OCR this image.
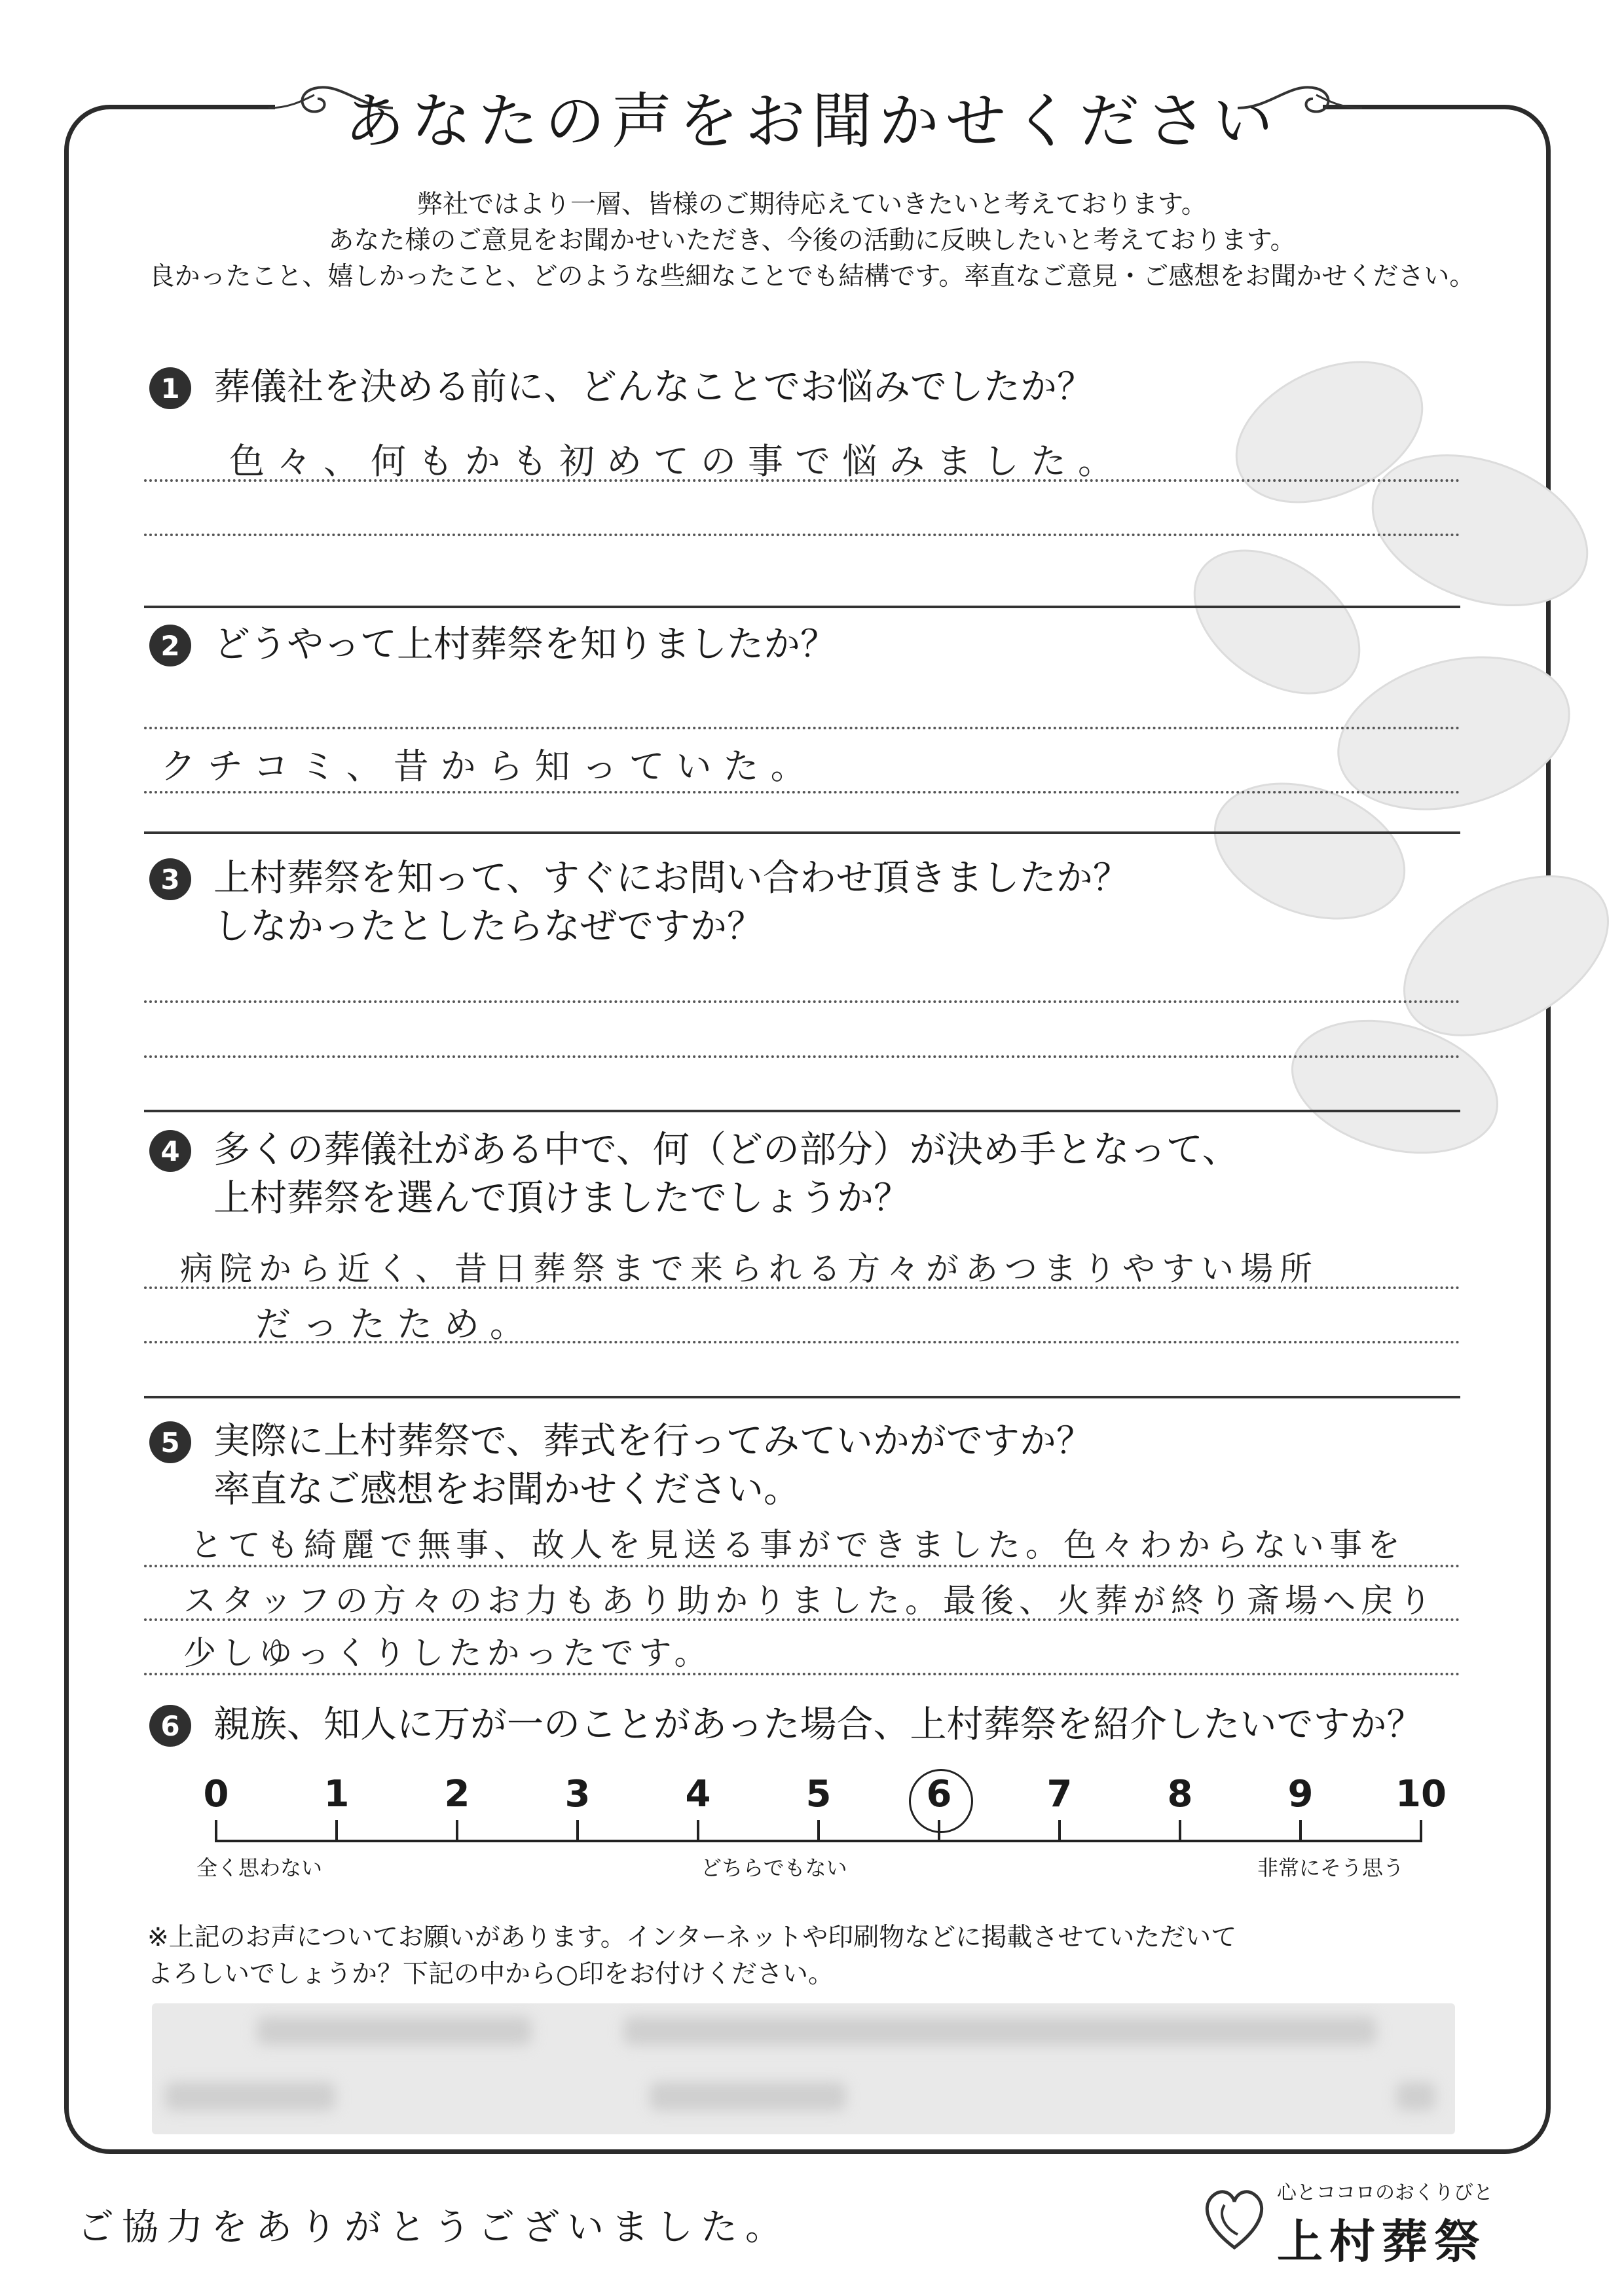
あなたの声をお聞かせください
弊社ではより一層、皆様のご期待応えていきたいと考えております。
あなた様のご意見をお聞かせいただき、今後の活動に反映したいと考えております。
良かったこと、嬉しかったこと、どのような些細なことでも結構です。率直なご意見・ご感想をお聞かせください。
1 葬儀社を決める前に、どんなことでお悩みでしたか？
色々、何もかも初めての事で悩みました。
2 どうやって上村葬祭を知りましたか？
クチコミ、昔から知っていた。
3 上村葬祭を知って、すぐにお問い合わせ頂きましたか？
しなかったとしたらなぜですか？
4 多くの葬儀社がある中で、何（どの部分）が決め手となって、
上村葬祭を選んで頂けましたでしょうか？
病院から近く、昔日葬祭まで来られる方々があつまりやすい場所
だったため。
5 実際に上村葬祭で、葬式を行ってみていかがですか？
率直なご感想をお聞かせください。
とても綺麗で無事、故人を見送る事ができました。色々わからない事を
スタッフの方々のお力もあり助かりました。最後、火葬が終り斎場へ戻り
少しゆっくりしたかったです。
6 親族、知人に万が一のことがあった場合、上村葬祭を紹介したいですか？
全く思わない	どちらでもない	非常にそう思う
0	1	2	3	4	5	6	7	8	9	10
※上記のお声についてお願いがあります。インターネットや印刷物などに掲載させていただいて
よろしいでしょうか？下記の中から○印をお付けください。
ご協力をありがとうございました。
心とココロのおくりびと
上村葬祭
